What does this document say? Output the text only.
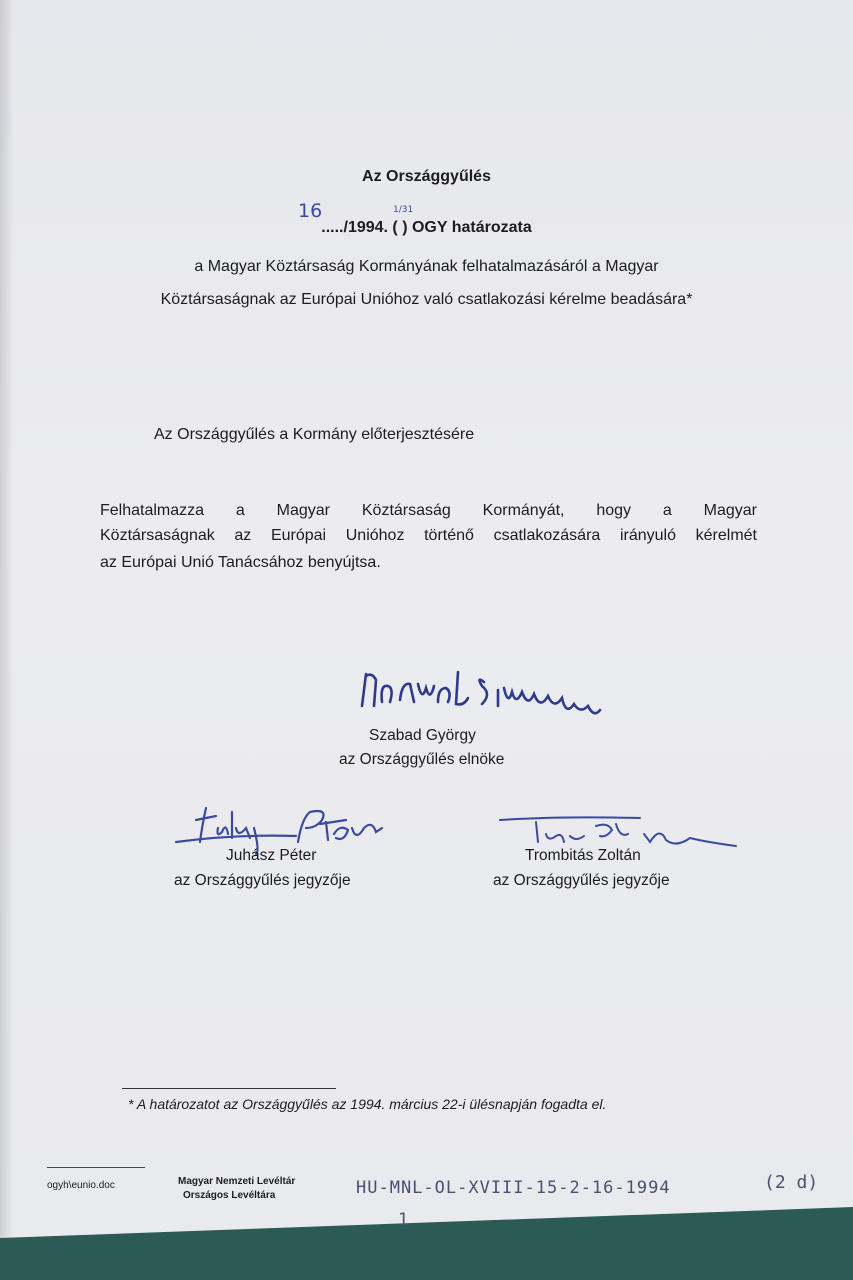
Az Országgyűlés
16	1/31
...../1994. ( ) OGY határozata
a Magyar Köztársaság Kormányának felhatalmazásáról a Magyar
Köztársaságnak az Európai Unióhoz való csatlakozási kérelme beadására*
Az Országgyűlés a Kormány előterjesztésére
Felhatalmazza a Magyar Köztársaság Kormányát, hogy a Magyar
Köztársaságnak az Európai Unióhoz történő csatlakozására irányuló kérelmét
az Európai Unió Tanácsához benyújtsa.
Szabad György
az Országgyűlés elnöke
Juhász Péter
az Országgyűlés jegyzője
Trombitás Zoltán
az Országgyűlés jegyzője
* A határozatot az Országgyűlés az 1994. március 22-i ülésnapján fogadta el.
ogyh\eunio.doc	Magyar Nemzeti Levéltár
Országos Levéltára	HU-MNL-OL-XVIII-15-2-16-1994	(2 d)
1
